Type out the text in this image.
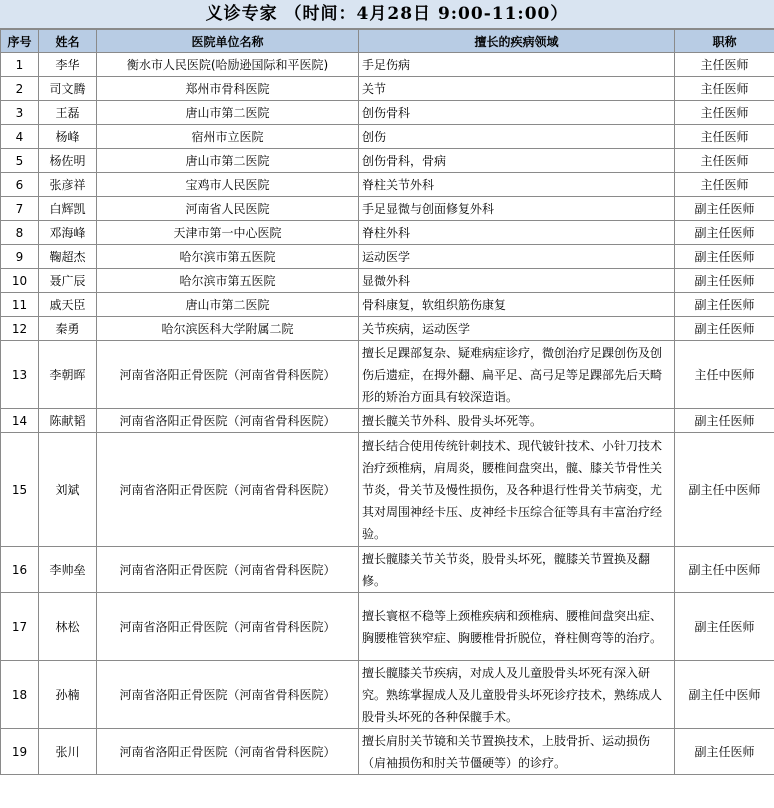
义诊专家 （时间：4月28日 9:00-11:00）
序号	姓名	医院单位名称	擅长的疾病领域	职称
1	李华	衡水市人民医院(哈励逊国际和平医院)	手足伤病	主任医师
2	司文腾	郑州市骨科医院	关节	主任医师
3	王磊	唐山市第二医院	创伤骨科	主任医师
4	杨峰	宿州市立医院	创伤	主任医师
5	杨佐明	唐山市第二医院	创伤骨科，骨病	主任医师
6	张彦祥	宝鸡市人民医院	脊柱关节外科	主任医师
7	白辉凯	河南省人民医院	手足显微与创面修复外科	副主任医师
8	邓海峰	天津市第一中心医院	脊柱外科	副主任医师
9	鞠超杰	哈尔滨市第五医院	运动医学	副主任医师
10	聂广辰	哈尔滨市第五医院	显微外科	副主任医师
11	戚天臣	唐山市第二医院	骨科康复，软组织筋伤康复	副主任医师
12	秦勇	哈尔滨医科大学附属二院	关节疾病，运动医学	副主任医师
13	李朝晖	河南省洛阳正骨医院（河南省骨科医院）	擅长足踝部复杂、疑难病症诊疗，微创治疗足踝创伤及创伤后遗症，在拇外翻、扁平足、高弓足等足踝部先后天畸形的矫治方面具有较深造诣。	主任中医师
14	陈献韬	河南省洛阳正骨医院（河南省骨科医院）	擅长髋关节外科、股骨头坏死等。	副主任医师
15	刘斌	河南省洛阳正骨医院（河南省骨科医院）	擅长结合使用传统针刺技术、现代铍针技术、小针刀技术治疗颈椎病，肩周炎，腰椎间盘突出，髋、膝关节骨性关节炎，骨关节及慢性损伤，及各种退行性骨关节病变，尤其对周围神经卡压、皮神经卡压综合征等具有丰富治疗经验。	副主任中医师
16	李帅垒	河南省洛阳正骨医院（河南省骨科医院）	擅长髋膝关节关节炎，股骨头坏死，髋膝关节置换及翻修。	副主任中医师
17	林松	河南省洛阳正骨医院（河南省骨科医院）	擅长寰枢不稳等上颈椎疾病和颈椎病、腰椎间盘突出症、胸腰椎管狭窄症、胸腰椎骨折脱位，脊柱侧弯等的治疗。	副主任医师
18	孙楠	河南省洛阳正骨医院（河南省骨科医院）	擅长髋膝关节疾病，对成人及儿童股骨头坏死有深入研究。熟练掌握成人及儿童股骨头坏死诊疗技术，熟练成人股骨头坏死的各种保髋手术。	副主任中医师
19	张川	河南省洛阳正骨医院（河南省骨科医院）	擅长肩肘关节镜和关节置换技术，上肢骨折、运动损伤（肩袖损伤和肘关节僵硬等）的诊疗。	副主任医师
